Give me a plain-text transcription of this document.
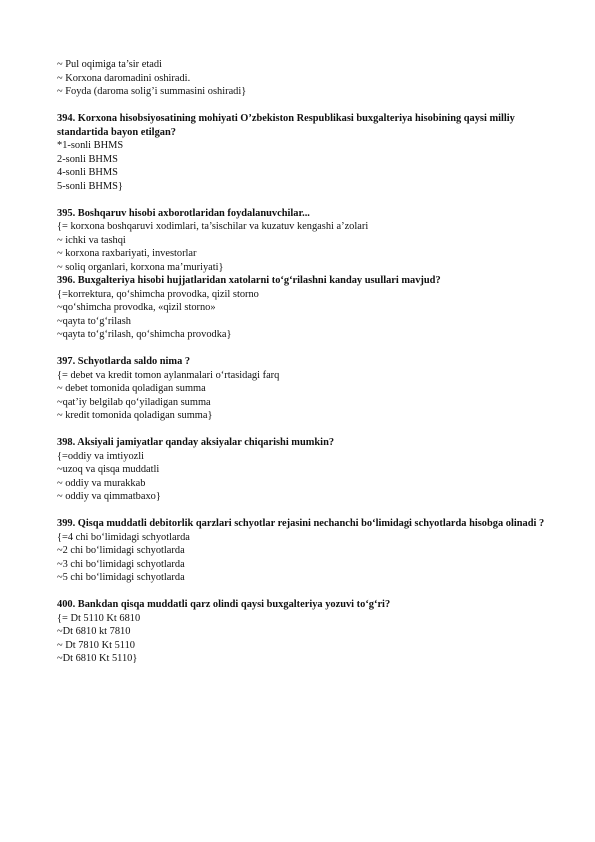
~ Pul oqimiga ta’sir etadi
~ Korxona daromadini oshiradi.
~ Foyda (daroma solig’i summasini oshiradi}
394. Korxona hisobsiyosatining mohiyati O’zbekiston Respublikasi buxgalteriya hisobining qaysi milliy standartida bayon etilgan?
*1-sonli BHMS
2-sonli BHMS
4-sonli BHMS
5-sonli BHMS}
395. Boshqaruv hisobi axborotlaridan foydalanuvchilar...
{= korxona boshqaruvi xodimlari, ta’sischilar va kuzatuv kengashi a’zolari
~ ichki va tashqi
~ korxona raxbariyati, investorlar
~ soliq organlari, korxona ma’muriyati}
396. Buxgalteriya hisobi hujjatlaridan xatolarni to‘g‘rilashni kanday usullari mavjud?
{=korrektura, qo‘shimcha provodka, qizil storno
~qo‘shimcha provodka, «qizil storno»
~qayta to‘g‘rilash
~qayta to‘g‘rilash, qo‘shimcha provodka}
397. Schyotlarda saldo nima ?
{= debet va kredit tomon aylanmalari o‘rtasidagi farq
~ debet tomonida qoladigan summa
~qat’iy belgilab qo‘yiladigan summa
~ kredit tomonida qoladigan summa}
398. Aksiyali jamiyatlar qanday aksiyalar chiqarishi mumkin?
{=oddiy va imtiyozli
~uzoq va qisqa muddatli
~ oddiy va murakkab
~ oddiy va qimmatbaxo}
399. Qisqa muddatli debitorlik qarzlari schyotlar rejasini nechanchi bo‘limidagi schyotlarda hisobga olinadi ?
{=4 chi bo‘limidagi schyotlarda
~2 chi bo‘limidagi schyotlarda
~3 chi bo‘limidagi schyotlarda
~5 chi bo‘limidagi schyotlarda
400. Bankdan qisqa muddatli qarz olindi qaysi buxgalteriya yozuvi to‘g‘ri?
{= Dt 5110 Kt 6810
~Dt 6810 kt 7810
~ Dt 7810 Kt 5110
~Dt 6810 Kt 5110}
